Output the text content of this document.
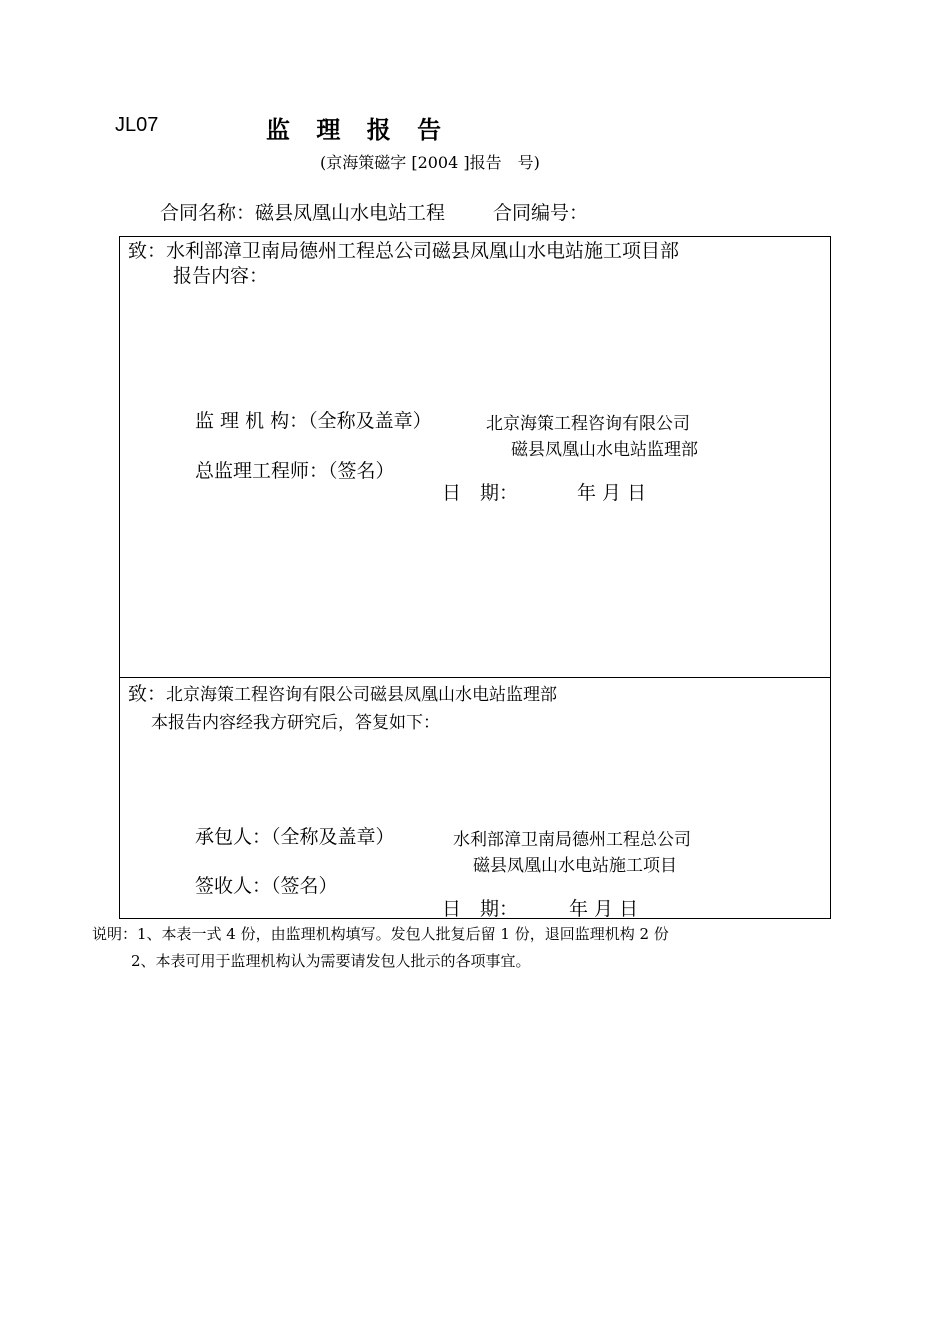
JL07	监 理 报 告
(京海策磁字 [2004 ]报告　号)
合同名称：磁县凤凰山水电站工程	合同编号：
致：水利部漳卫南局德州工程总公司磁县凤凰山水电站施工项目部
报告内容：
监 理 机 构：（全称及盖章）	北京海策工程咨询有限公司
磁县凤凰山水电站监理部
总监理工程师：（签名）
日　期：	年 月 日
致：北京海策工程咨询有限公司磁县凤凰山水电站监理部
本报告内容经我方研究后，答复如下：
承包人：（全称及盖章）	水利部漳卫南局德州工程总公司
磁县凤凰山水电站施工项目
签收人：（签名）
日　期：	年 月 日
说明：1、本表一式 4 份，由监理机构填写。发包人批复后留 1 份，退回监理机构 2 份
2、本表可用于监理机构认为需要请发包人批示的各项事宜。
